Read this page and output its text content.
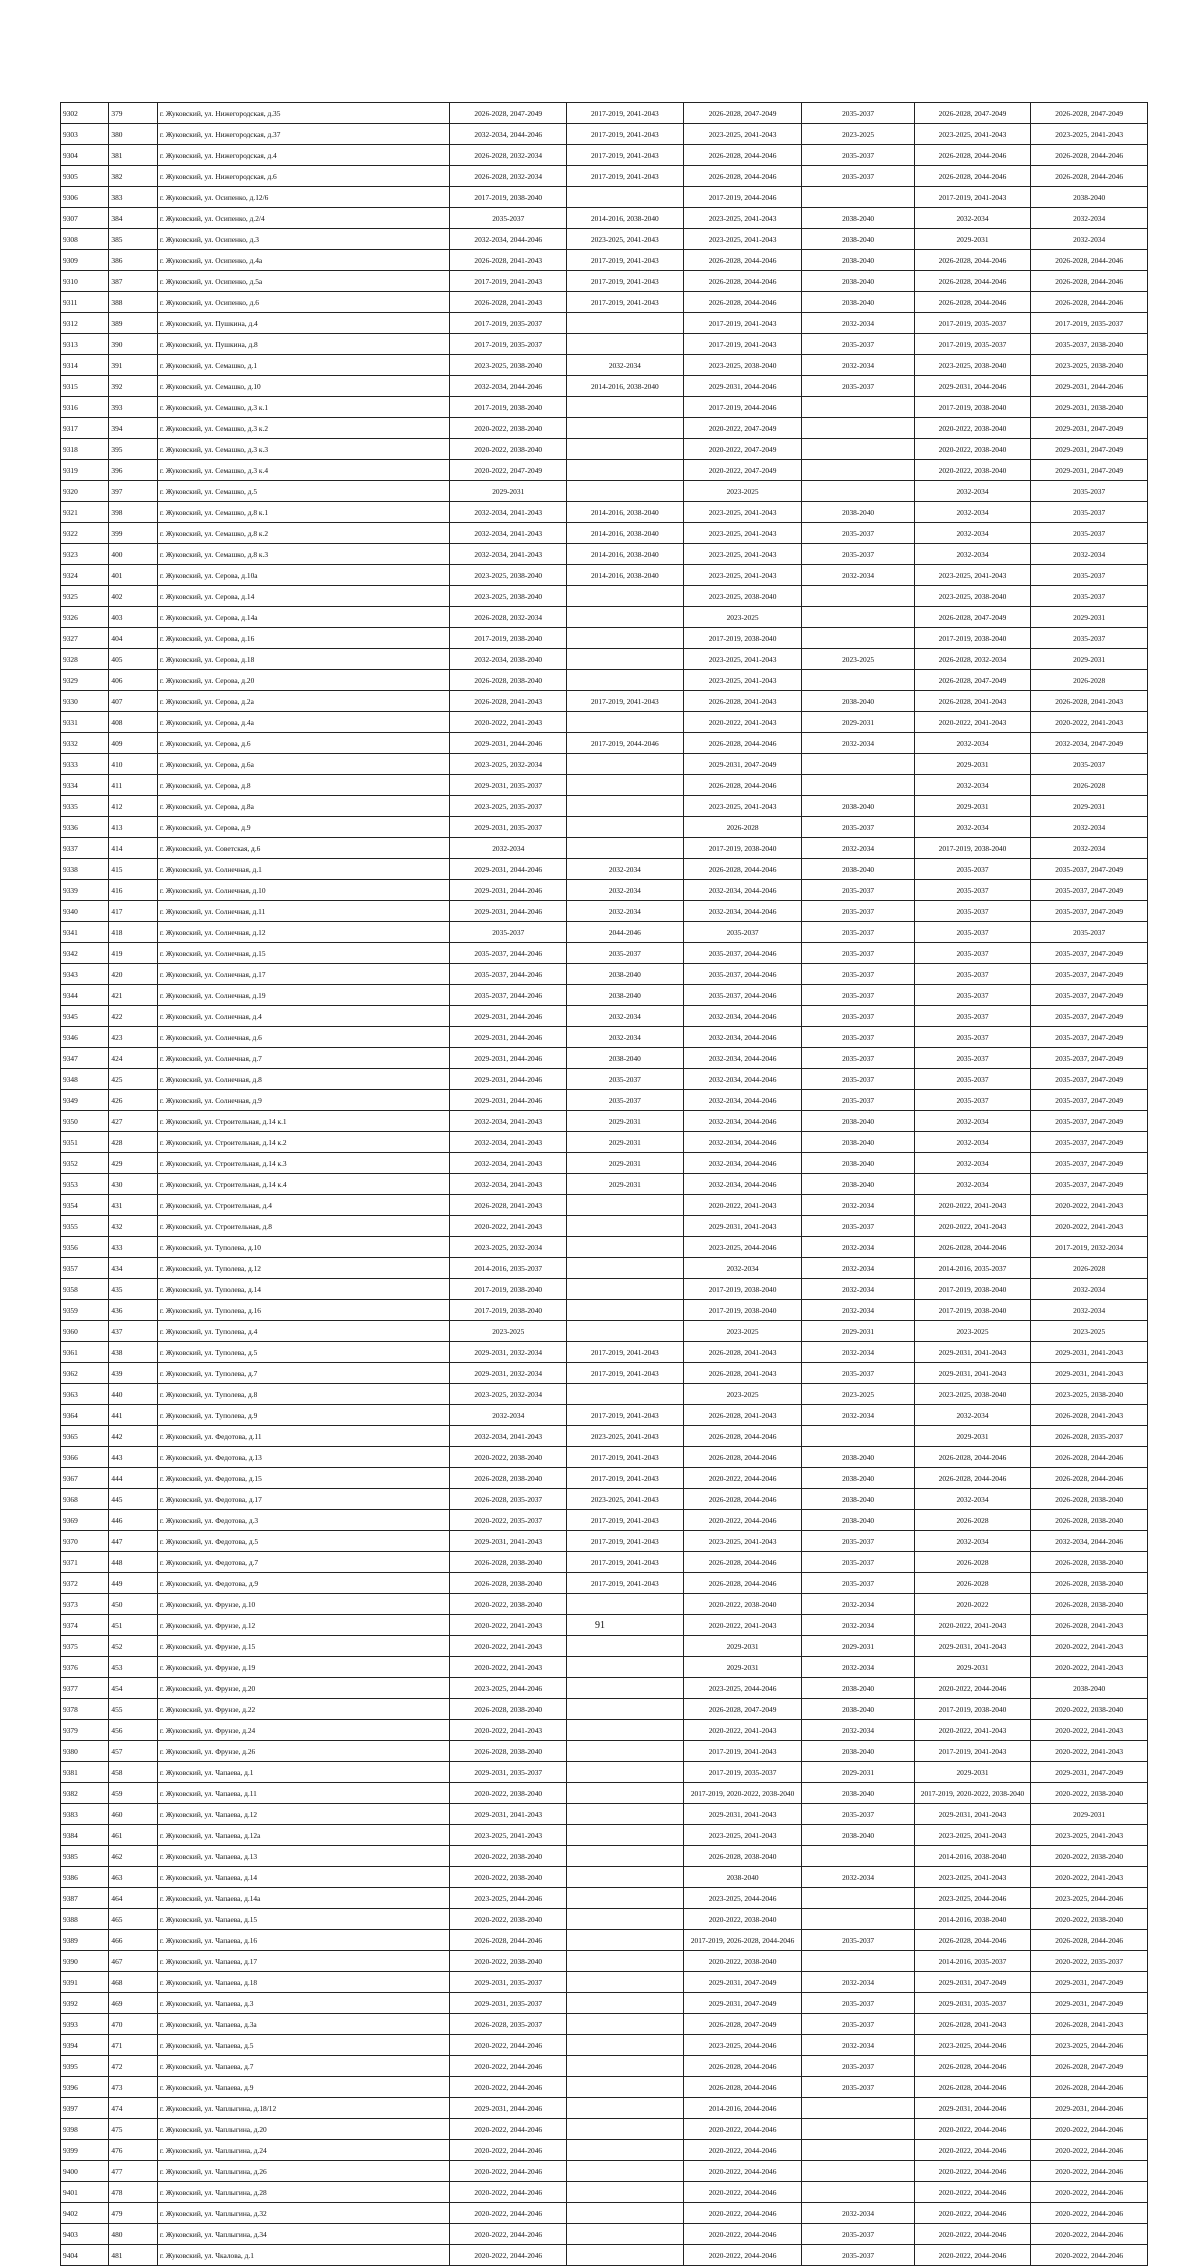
9302	379	г. Жуковский, ул. Нижегородская, д.35	2026-2028, 2047-2049	2017-2019, 2041-2043	2026-2028, 2047-2049	2035-2037	2026-2028, 2047-2049	2026-2028, 2047-2049
9303	380	г. Жуковский, ул. Нижегородская, д.37	2032-2034, 2044-2046	2017-2019, 2041-2043	2023-2025, 2041-2043	2023-2025	2023-2025, 2041-2043	2023-2025, 2041-2043
9304	381	г. Жуковский, ул. Нижегородская, д.4	2026-2028, 2032-2034	2017-2019, 2041-2043	2026-2028, 2044-2046	2035-2037	2026-2028, 2044-2046	2026-2028, 2044-2046
9305	382	г. Жуковский, ул. Нижегородская, д.6	2026-2028, 2032-2034	2017-2019, 2041-2043	2026-2028, 2044-2046	2035-2037	2026-2028, 2044-2046	2026-2028, 2044-2046
9306	383	г. Жуковский, ул. Осипенко, д.12/6	2017-2019, 2038-2040		2017-2019, 2044-2046		2017-2019, 2041-2043	2038-2040
9307	384	г. Жуковский, ул. Осипенко, д.2/4	2035-2037	2014-2016, 2038-2040	2023-2025, 2041-2043	2038-2040	2032-2034	2032-2034
9308	385	г. Жуковский, ул. Осипенко, д.3	2032-2034, 2044-2046	2023-2025, 2041-2043	2023-2025, 2041-2043	2038-2040	2029-2031	2032-2034
9309	386	г. Жуковский, ул. Осипенко, д.4а	2026-2028, 2041-2043	2017-2019, 2041-2043	2026-2028, 2044-2046	2038-2040	2026-2028, 2044-2046	2026-2028, 2044-2046
9310	387	г. Жуковский, ул. Осипенко, д.5а	2017-2019, 2041-2043	2017-2019, 2041-2043	2026-2028, 2044-2046	2038-2040	2026-2028, 2044-2046	2026-2028, 2044-2046
9311	388	г. Жуковский, ул. Осипенко, д.6	2026-2028, 2041-2043	2017-2019, 2041-2043	2026-2028, 2044-2046	2038-2040	2026-2028, 2044-2046	2026-2028, 2044-2046
9312	389	г. Жуковский, ул. Пушкина, д.4	2017-2019, 2035-2037		2017-2019, 2041-2043	2032-2034	2017-2019, 2035-2037	2017-2019, 2035-2037
9313	390	г. Жуковский, ул. Пушкина, д.8	2017-2019, 2035-2037		2017-2019, 2041-2043	2035-2037	2017-2019, 2035-2037	2035-2037, 2038-2040
9314	391	г. Жуковский, ул. Семашко, д.1	2023-2025, 2038-2040	2032-2034	2023-2025, 2038-2040	2032-2034	2023-2025, 2038-2040	2023-2025, 2038-2040
9315	392	г. Жуковский, ул. Семашко, д.10	2032-2034, 2044-2046	2014-2016, 2038-2040	2029-2031, 2044-2046	2035-2037	2029-2031, 2044-2046	2029-2031, 2044-2046
9316	393	г. Жуковский, ул. Семашко, д.3 к.1	2017-2019, 2038-2040		2017-2019, 2044-2046		2017-2019, 2038-2040	2029-2031, 2038-2040
9317	394	г. Жуковский, ул. Семашко, д.3 к.2	2020-2022, 2038-2040		2020-2022, 2047-2049		2020-2022, 2038-2040	2029-2031, 2047-2049
9318	395	г. Жуковский, ул. Семашко, д.3 к.3	2020-2022, 2038-2040		2020-2022, 2047-2049		2020-2022, 2038-2040	2029-2031, 2047-2049
9319	396	г. Жуковский, ул. Семашко, д.3 к.4	2020-2022, 2047-2049		2020-2022, 2047-2049		2020-2022, 2038-2040	2029-2031, 2047-2049
9320	397	г. Жуковский, ул. Семашко, д.5	2029-2031		2023-2025		2032-2034	2035-2037
9321	398	г. Жуковский, ул. Семашко, д.8 к.1	2032-2034, 2041-2043	2014-2016, 2038-2040	2023-2025, 2041-2043	2038-2040	2032-2034	2035-2037
9322	399	г. Жуковский, ул. Семашко, д.8 к.2	2032-2034, 2041-2043	2014-2016, 2038-2040	2023-2025, 2041-2043	2035-2037	2032-2034	2035-2037
9323	400	г. Жуковский, ул. Семашко, д.8 к.3	2032-2034, 2041-2043	2014-2016, 2038-2040	2023-2025, 2041-2043	2035-2037	2032-2034	2032-2034
9324	401	г. Жуковский, ул. Серова, д.10а	2023-2025, 2038-2040	2014-2016, 2038-2040	2023-2025, 2041-2043	2032-2034	2023-2025, 2041-2043	2035-2037
9325	402	г. Жуковский, ул. Серова, д.14	2023-2025, 2038-2040		2023-2025, 2038-2040		2023-2025, 2038-2040	2035-2037
9326	403	г. Жуковский, ул. Серова, д.14а	2026-2028, 2032-2034		2023-2025		2026-2028, 2047-2049	2029-2031
9327	404	г. Жуковский, ул. Серова, д.16	2017-2019, 2038-2040		2017-2019, 2038-2040		2017-2019, 2038-2040	2035-2037
9328	405	г. Жуковский, ул. Серова, д.18	2032-2034, 2038-2040		2023-2025, 2041-2043	2023-2025	2026-2028, 2032-2034	2029-2031
9329	406	г. Жуковский, ул. Серова, д.20	2026-2028, 2038-2040		2023-2025, 2041-2043		2026-2028, 2047-2049	2026-2028
9330	407	г. Жуковский, ул. Серова, д.2а	2026-2028, 2041-2043	2017-2019, 2041-2043	2026-2028, 2041-2043	2038-2040	2026-2028, 2041-2043	2026-2028, 2041-2043
9331	408	г. Жуковский, ул. Серова, д.4а	2020-2022, 2041-2043		2020-2022, 2041-2043	2029-2031	2020-2022, 2041-2043	2020-2022, 2041-2043
9332	409	г. Жуковский, ул. Серова, д.6	2029-2031, 2044-2046	2017-2019, 2044-2046	2026-2028, 2044-2046	2032-2034	2032-2034	2032-2034, 2047-2049
9333	410	г. Жуковский, ул. Серова, д.6а	2023-2025, 2032-2034		2029-2031, 2047-2049		2029-2031	2035-2037
9334	411	г. Жуковский, ул. Серова, д.8	2029-2031, 2035-2037		2026-2028, 2044-2046		2032-2034	2026-2028
9335	412	г. Жуковский, ул. Серова, д.8а	2023-2025, 2035-2037		2023-2025, 2041-2043	2038-2040	2029-2031	2029-2031
9336	413	г. Жуковский, ул. Серова, д.9	2029-2031, 2035-2037		2026-2028	2035-2037	2032-2034	2032-2034
9337	414	г. Жуковский, ул. Советская, д.6	2032-2034		2017-2019, 2038-2040	2032-2034	2017-2019, 2038-2040	2032-2034
9338	415	г. Жуковский, ул. Солнечная, д.1	2029-2031, 2044-2046	2032-2034	2026-2028, 2044-2046	2038-2040	2035-2037	2035-2037, 2047-2049
9339	416	г. Жуковский, ул. Солнечная, д.10	2029-2031, 2044-2046	2032-2034	2032-2034, 2044-2046	2035-2037	2035-2037	2035-2037, 2047-2049
9340	417	г. Жуковский, ул. Солнечная, д.11	2029-2031, 2044-2046	2032-2034	2032-2034, 2044-2046	2035-2037	2035-2037	2035-2037, 2047-2049
9341	418	г. Жуковский, ул. Солнечная, д.12	2035-2037	2044-2046	2035-2037	2035-2037	2035-2037	2035-2037
9342	419	г. Жуковский, ул. Солнечная, д.15	2035-2037, 2044-2046	2035-2037	2035-2037, 2044-2046	2035-2037	2035-2037	2035-2037, 2047-2049
9343	420	г. Жуковский, ул. Солнечная, д.17	2035-2037, 2044-2046	2038-2040	2035-2037, 2044-2046	2035-2037	2035-2037	2035-2037, 2047-2049
9344	421	г. Жуковский, ул. Солнечная, д.19	2035-2037, 2044-2046	2038-2040	2035-2037, 2044-2046	2035-2037	2035-2037	2035-2037, 2047-2049
9345	422	г. Жуковский, ул. Солнечная, д.4	2029-2031, 2044-2046	2032-2034	2032-2034, 2044-2046	2035-2037	2035-2037	2035-2037, 2047-2049
9346	423	г. Жуковский, ул. Солнечная, д.6	2029-2031, 2044-2046	2032-2034	2032-2034, 2044-2046	2035-2037	2035-2037	2035-2037, 2047-2049
9347	424	г. Жуковский, ул. Солнечная, д.7	2029-2031, 2044-2046	2038-2040	2032-2034, 2044-2046	2035-2037	2035-2037	2035-2037, 2047-2049
9348	425	г. Жуковский, ул. Солнечная, д.8	2029-2031, 2044-2046	2035-2037	2032-2034, 2044-2046	2035-2037	2035-2037	2035-2037, 2047-2049
9349	426	г. Жуковский, ул. Солнечная, д.9	2029-2031, 2044-2046	2035-2037	2032-2034, 2044-2046	2035-2037	2035-2037	2035-2037, 2047-2049
9350	427	г. Жуковский, ул. Строительная, д.14 к.1	2032-2034, 2041-2043	2029-2031	2032-2034, 2044-2046	2038-2040	2032-2034	2035-2037, 2047-2049
9351	428	г. Жуковский, ул. Строительная, д.14 к.2	2032-2034, 2041-2043	2029-2031	2032-2034, 2044-2046	2038-2040	2032-2034	2035-2037, 2047-2049
9352	429	г. Жуковский, ул. Строительная, д.14 к.3	2032-2034, 2041-2043	2029-2031	2032-2034, 2044-2046	2038-2040	2032-2034	2035-2037, 2047-2049
9353	430	г. Жуковский, ул. Строительная, д.14 к.4	2032-2034, 2041-2043	2029-2031	2032-2034, 2044-2046	2038-2040	2032-2034	2035-2037, 2047-2049
9354	431	г. Жуковский, ул. Строительная, д.4	2026-2028, 2041-2043		2020-2022, 2041-2043	2032-2034	2020-2022, 2041-2043	2020-2022, 2041-2043
9355	432	г. Жуковский, ул. Строительная, д.8	2020-2022, 2041-2043		2029-2031, 2041-2043	2035-2037	2020-2022, 2041-2043	2020-2022, 2041-2043
9356	433	г. Жуковский, ул. Туполева, д.10	2023-2025, 2032-2034		2023-2025, 2044-2046	2032-2034	2026-2028, 2044-2046	2017-2019, 2032-2034
9357	434	г. Жуковский, ул. Туполева, д.12	2014-2016, 2035-2037		2032-2034	2032-2034	2014-2016, 2035-2037	2026-2028
9358	435	г. Жуковский, ул. Туполева, д.14	2017-2019, 2038-2040		2017-2019, 2038-2040	2032-2034	2017-2019, 2038-2040	2032-2034
9359	436	г. Жуковский, ул. Туполева, д.16	2017-2019, 2038-2040		2017-2019, 2038-2040	2032-2034	2017-2019, 2038-2040	2032-2034
9360	437	г. Жуковский, ул. Туполева, д.4	2023-2025		2023-2025	2029-2031	2023-2025	2023-2025
9361	438	г. Жуковский, ул. Туполева, д.5	2029-2031, 2032-2034	2017-2019, 2041-2043	2026-2028, 2041-2043	2032-2034	2029-2031, 2041-2043	2029-2031, 2041-2043
9362	439	г. Жуковский, ул. Туполева, д.7	2029-2031, 2032-2034	2017-2019, 2041-2043	2026-2028, 2041-2043	2035-2037	2029-2031, 2041-2043	2029-2031, 2041-2043
9363	440	г. Жуковский, ул. Туполева, д.8	2023-2025, 2032-2034		2023-2025	2023-2025	2023-2025, 2038-2040	2023-2025, 2038-2040
9364	441	г. Жуковский, ул. Туполева, д.9	2032-2034	2017-2019, 2041-2043	2026-2028, 2041-2043	2032-2034	2032-2034	2026-2028, 2041-2043
9365	442	г. Жуковский, ул. Федотова, д.11	2032-2034, 2041-2043	2023-2025, 2041-2043	2026-2028, 2044-2046		2029-2031	2026-2028, 2035-2037
9366	443	г. Жуковский, ул. Федотова, д.13	2020-2022, 2038-2040	2017-2019, 2041-2043	2026-2028, 2044-2046	2038-2040	2026-2028, 2044-2046	2026-2028, 2044-2046
9367	444	г. Жуковский, ул. Федотова, д.15	2026-2028, 2038-2040	2017-2019, 2041-2043	2020-2022, 2044-2046	2038-2040	2026-2028, 2044-2046	2026-2028, 2044-2046
9368	445	г. Жуковский, ул. Федотова, д.17	2026-2028, 2035-2037	2023-2025, 2041-2043	2026-2028, 2044-2046	2038-2040	2032-2034	2026-2028, 2038-2040
9369	446	г. Жуковский, ул. Федотова, д.3	2020-2022, 2035-2037	2017-2019, 2041-2043	2020-2022, 2044-2046	2038-2040	2026-2028	2026-2028, 2038-2040
9370	447	г. Жуковский, ул. Федотова, д.5	2029-2031, 2041-2043	2017-2019, 2041-2043	2023-2025, 2041-2043	2035-2037	2032-2034	2032-2034, 2044-2046
9371	448	г. Жуковский, ул. Федотова, д.7	2026-2028, 2038-2040	2017-2019, 2041-2043	2026-2028, 2044-2046	2035-2037	2026-2028	2026-2028, 2038-2040
9372	449	г. Жуковский, ул. Федотова, д.9	2026-2028, 2038-2040	2017-2019, 2041-2043	2026-2028, 2044-2046	2035-2037	2026-2028	2026-2028, 2038-2040
9373	450	г. Жуковский, ул. Фрунзе, д.10	2020-2022, 2038-2040		2020-2022, 2038-2040	2032-2034	2020-2022	2026-2028, 2038-2040
9374	451	г. Жуковский, ул. Фрунзе, д.12	2020-2022, 2041-2043		2020-2022, 2041-2043	2032-2034	2020-2022, 2041-2043	2026-2028, 2041-2043
9375	452	г. Жуковский, ул. Фрунзе, д.15	2020-2022, 2041-2043		2029-2031	2029-2031	2029-2031, 2041-2043	2020-2022, 2041-2043
9376	453	г. Жуковский, ул. Фрунзе, д.19	2020-2022, 2041-2043		2029-2031	2032-2034	2029-2031	2020-2022, 2041-2043
9377	454	г. Жуковский, ул. Фрунзе, д.20	2023-2025, 2044-2046		2023-2025, 2044-2046	2038-2040	2020-2022, 2044-2046	2038-2040
9378	455	г. Жуковский, ул. Фрунзе, д.22	2026-2028, 2038-2040		2026-2028, 2047-2049	2038-2040	2017-2019, 2038-2040	2020-2022, 2038-2040
9379	456	г. Жуковский, ул. Фрунзе, д.24	2020-2022, 2041-2043		2020-2022, 2041-2043	2032-2034	2020-2022, 2041-2043	2020-2022, 2041-2043
9380	457	г. Жуковский, ул. Фрунзе, д.26	2026-2028, 2038-2040		2017-2019, 2041-2043	2038-2040	2017-2019, 2041-2043	2020-2022, 2041-2043
9381	458	г. Жуковский, ул. Чапаева, д.1	2029-2031, 2035-2037		2017-2019, 2035-2037	2029-2031	2029-2031	2029-2031, 2047-2049
9382	459	г. Жуковский, ул. Чапаева, д.11	2020-2022, 2038-2040		2017-2019, 2020-2022, 2038-2040	2038-2040	2017-2019, 2020-2022, 2038-2040	2020-2022, 2038-2040
9383	460	г. Жуковский, ул. Чапаева, д.12	2029-2031, 2041-2043		2029-2031, 2041-2043	2035-2037	2029-2031, 2041-2043	2029-2031
9384	461	г. Жуковский, ул. Чапаева, д.12а	2023-2025, 2041-2043		2023-2025, 2041-2043	2038-2040	2023-2025, 2041-2043	2023-2025, 2041-2043
9385	462	г. Жуковский, ул. Чапаева, д.13	2020-2022, 2038-2040		2026-2028, 2038-2040		2014-2016, 2038-2040	2020-2022, 2038-2040
9386	463	г. Жуковский, ул. Чапаева, д.14	2020-2022, 2038-2040		2038-2040	2032-2034	2023-2025, 2041-2043	2020-2022, 2041-2043
9387	464	г. Жуковский, ул. Чапаева, д.14а	2023-2025, 2044-2046		2023-2025, 2044-2046		2023-2025, 2044-2046	2023-2025, 2044-2046
9388	465	г. Жуковский, ул. Чапаева, д.15	2020-2022, 2038-2040		2020-2022, 2038-2040		2014-2016, 2038-2040	2020-2022, 2038-2040
9389	466	г. Жуковский, ул. Чапаева, д.16	2026-2028, 2044-2046		2017-2019, 2026-2028, 2044-2046	2035-2037	2026-2028, 2044-2046	2026-2028, 2044-2046
9390	467	г. Жуковский, ул. Чапаева, д.17	2020-2022, 2038-2040		2020-2022, 2038-2040		2014-2016, 2035-2037	2020-2022, 2035-2037
9391	468	г. Жуковский, ул. Чапаева, д.18	2029-2031, 2035-2037		2029-2031, 2047-2049	2032-2034	2029-2031, 2047-2049	2029-2031, 2047-2049
9392	469	г. Жуковский, ул. Чапаева, д.3	2029-2031, 2035-2037		2029-2031, 2047-2049	2035-2037	2029-2031, 2035-2037	2029-2031, 2047-2049
9393	470	г. Жуковский, ул. Чапаева, д.3а	2026-2028, 2035-2037		2026-2028, 2047-2049	2035-2037	2026-2028, 2041-2043	2026-2028, 2041-2043
9394	471	г. Жуковский, ул. Чапаева, д.5	2020-2022, 2044-2046		2023-2025, 2044-2046	2032-2034	2023-2025, 2044-2046	2023-2025, 2044-2046
9395	472	г. Жуковский, ул. Чапаева, д.7	2020-2022, 2044-2046		2026-2028, 2044-2046	2035-2037	2026-2028, 2044-2046	2026-2028, 2047-2049
9396	473	г. Жуковский, ул. Чапаева, д.9	2020-2022, 2044-2046		2026-2028, 2044-2046	2035-2037	2026-2028, 2044-2046	2026-2028, 2044-2046
9397	474	г. Жуковский, ул. Чаплыгина, д.18/12	2029-2031, 2044-2046		2014-2016, 2044-2046		2029-2031, 2044-2046	2029-2031, 2044-2046
9398	475	г. Жуковский, ул. Чаплыгина, д.20	2020-2022, 2044-2046		2020-2022, 2044-2046		2020-2022, 2044-2046	2020-2022, 2044-2046
9399	476	г. Жуковский, ул. Чаплыгина, д.24	2020-2022, 2044-2046		2020-2022, 2044-2046		2020-2022, 2044-2046	2020-2022, 2044-2046
9400	477	г. Жуковский, ул. Чаплыгина, д.26	2020-2022, 2044-2046		2020-2022, 2044-2046		2020-2022, 2044-2046	2020-2022, 2044-2046
9401	478	г. Жуковский, ул. Чаплыгина, д.28	2020-2022, 2044-2046		2020-2022, 2044-2046		2020-2022, 2044-2046	2020-2022, 2044-2046
9402	479	г. Жуковский, ул. Чаплыгина, д.32	2020-2022, 2044-2046		2020-2022, 2044-2046	2032-2034	2020-2022, 2044-2046	2020-2022, 2044-2046
9403	480	г. Жуковский, ул. Чаплыгина, д.34	2020-2022, 2044-2046		2020-2022, 2044-2046	2035-2037	2020-2022, 2044-2046	2020-2022, 2044-2046
9404	481	г. Жуковский, ул. Чкалова, д.1	2020-2022, 2044-2046		2020-2022, 2044-2046	2035-2037	2020-2022, 2044-2046	2020-2022, 2044-2046
91
